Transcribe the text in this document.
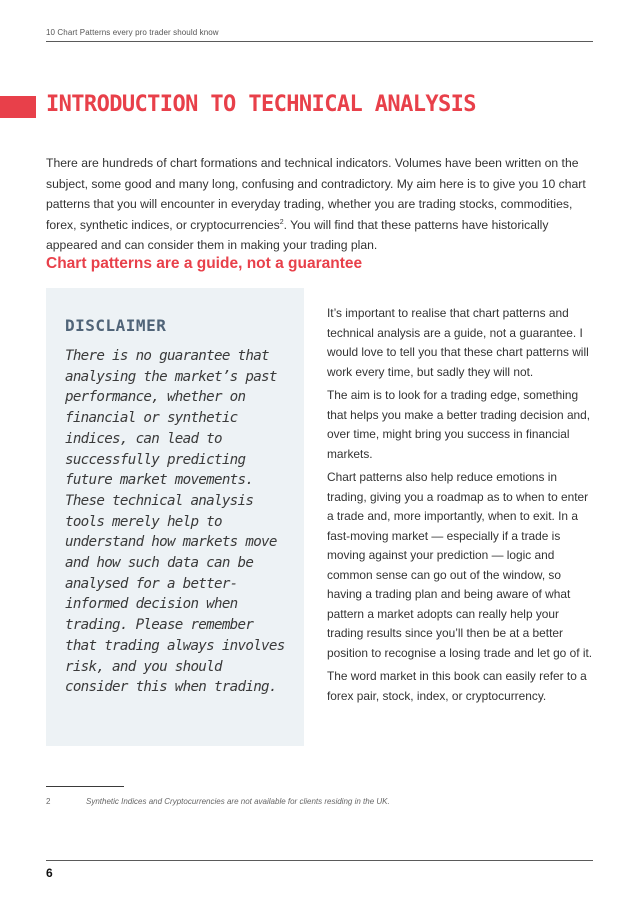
10 Chart Patterns every pro trader should know
INTRODUCTION TO TECHNICAL ANALYSIS

There are hundreds of chart formations and technical indicators. Volumes have been written on the subject, some good and many long, confusing and contradictory. My aim here is to give you 10 chart patterns that you will encounter in everyday trading, whether you are trading stocks, commodities, forex, synthetic indices, or cryptocurrencies$^2$. You will find that these patterns have historically appeared and can consider them in making your trading plan.

Chart patterns are a guide, not a guarantee
DISCLAIMER

There is no guarantee that analysing the market’s past performance, whether on financial or synthetic indices, can lead to successfully predicting future market movements. These technical analysis tools merely help to understand how markets move and how such data can be analysed for a better-informed decision when trading. Please remember that trading always involves risk, and you should consider this when trading.

It’s important to realise that chart patterns and technical analysis are a guide, not a guarantee. I would love to tell you that these chart patterns will work every time, but sadly they will not.

The aim is to look for a trading edge, something that helps you make a better trading decision and, over time, might bring you success in financial markets.

Chart patterns also help reduce emotions in trading, giving you a roadmap as to when to enter a trade and, more importantly, when to exit. In a fast-moving market — especially if a trade is moving against your prediction — logic and common sense can go out of the window, so having a trading plan and being aware of what pattern a market adopts can really help your trading results since you’ll then be at a better position to recognise a losing trade and let go of it.

The word market in this book can easily refer to a forex pair, stock, index, or cryptocurrency.

2	Synthetic Indices and Cryptocurrencies are not available for clients residing in the UK.
6
